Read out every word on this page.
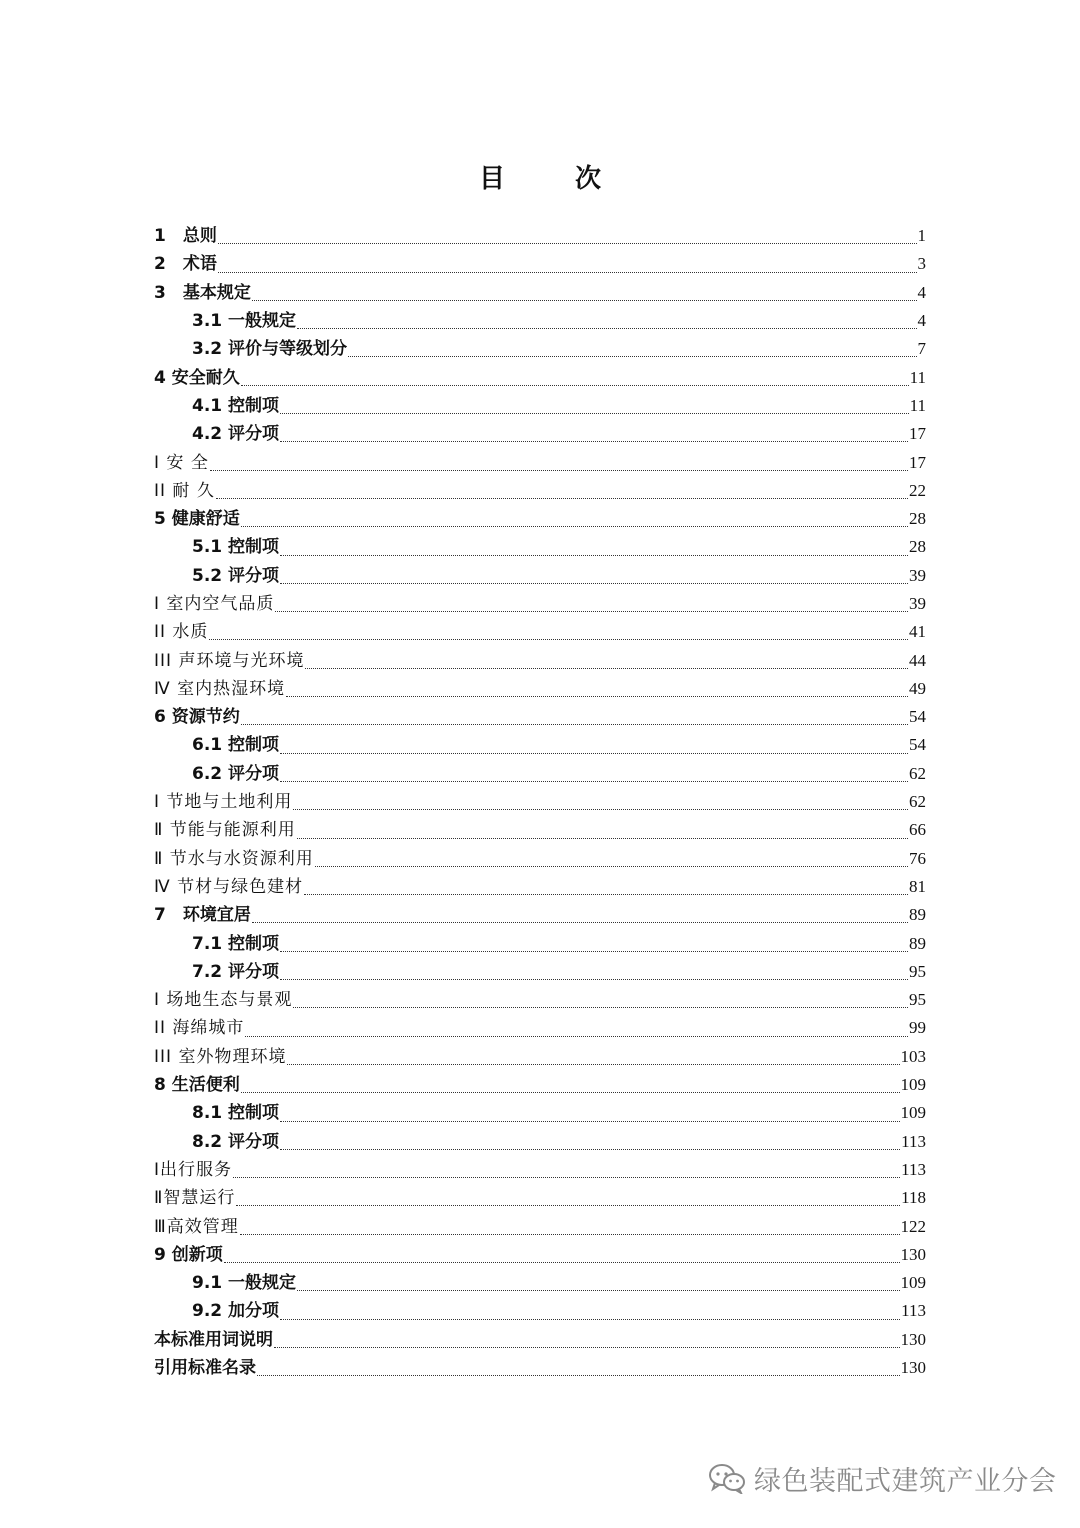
目　次
1　总则	1
2　术语	3
3　基本规定	4
3.1 一般规定	4
3.2 评价与等级划分	7
4 安全耐久	11
4.1 控制项	11
4.2 评分项	17
I 安 全	17
II 耐 久	22
5 健康舒适	28
5.1 控制项	28
5.2 评分项	39
I 室内空气品质	39
II 水质	41
III 声环境与光环境	44
Ⅳ 室内热湿环境	49
6 资源节约	54
6.1 控制项	54
6.2 评分项	62
I 节地与土地利用	62
Ⅱ 节能与能源利用	66
Ⅱ 节水与水资源利用	76
Ⅳ 节材与绿色建材	81
7　环境宜居	89
7.1 控制项	89
7.2 评分项	95
I 场地生态与景观	95
II 海绵城市	99
III 室外物理环境	103
8 生活便利	109
8.1 控制项	109
8.2 评分项	113
Ⅰ出行服务	113
Ⅱ智慧运行	118
Ⅲ高效管理	122
9 创新项	130
9.1 一般规定	109
9.2 加分项	113
本标准用词说明	130
引用标准名录	130
绿色装配式建筑产业分会
